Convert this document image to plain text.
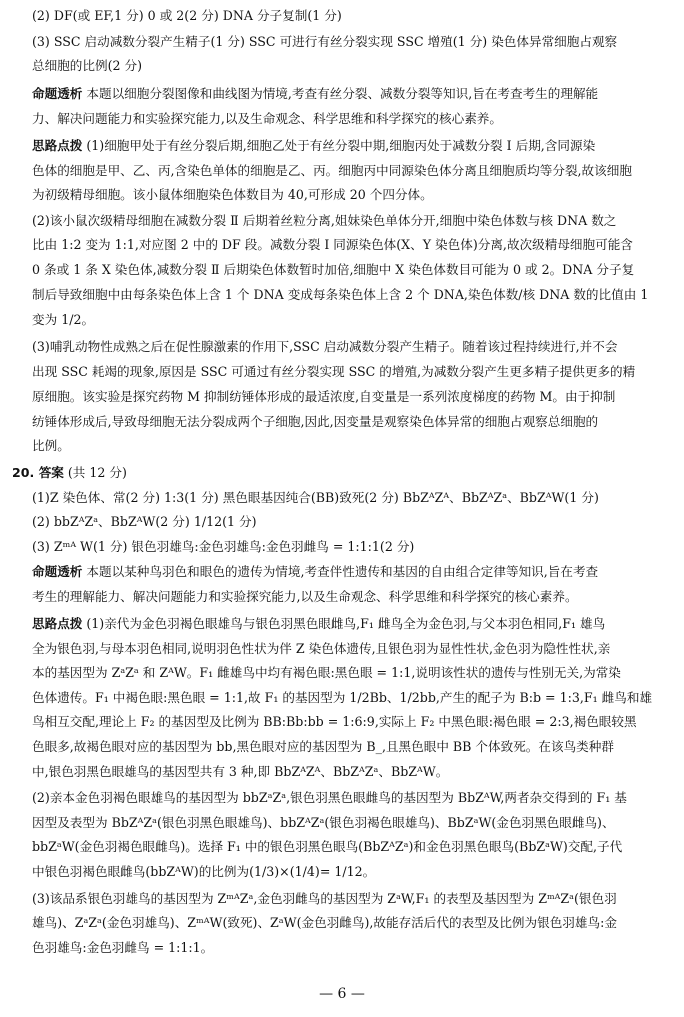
(2) DF(或 EF,1 分) 0 或 2(2 分) DNA 分子复制(1 分)
(3) SSC 启动减数分裂产生精子(1 分) SSC 可进行有丝分裂实现 SSC 增殖(1 分) 染色体异常细胞占观察
总细胞的比例(2 分)
命题透析 本题以细胞分裂图像和曲线图为情境,考查有丝分裂、减数分裂等知识,旨在考查考生的理解能
力、解决问题能力和实验探究能力,以及生命观念、科学思维和科学探究的核心素养。
思路点拨 (1)细胞甲处于有丝分裂后期,细胞乙处于有丝分裂中期,细胞丙处于减数分裂 Ⅰ 后期,含同源染
色体的细胞是甲、乙、丙,含染色单体的细胞是乙、丙。细胞丙中同源染色体分离且细胞质均等分裂,故该细胞
为初级精母细胞。该小鼠体细胞染色体数目为 40,可形成 20 个四分体。
(2)该小鼠次级精母细胞在减数分裂 Ⅱ 后期着丝粒分离,姐妹染色单体分开,细胞中染色体数与核 DNA 数之
比由 1:2 变为 1:1,对应图 2 中的 DF 段。减数分裂 Ⅰ 同源染色体(X、Y 染色体)分离,故次级精母细胞可能含
0 条或 1 条 X 染色体,减数分裂 Ⅱ 后期染色体数暂时加倍,细胞中 X 染色体数目可能为 0 或 2。DNA 分子复
制后导致细胞中由每条染色体上含 1 个 DNA 变成每条染色体上含 2 个 DNA,染色体数/核 DNA 数的比值由 1
变为 1/2。
(3)哺乳动物性成熟之后在促性腺激素的作用下,SSC 启动减数分裂产生精子。随着该过程持续进行,并不会
出现 SSC 耗竭的现象,原因是 SSC 可通过有丝分裂实现 SSC 的增殖,为减数分裂产生更多精子提供更多的精
原细胞。该实验是探究药物 M 抑制纺锤体形成的最适浓度,自变量是一系列浓度梯度的药物 M。由于抑制
纺锤体形成后,导致母细胞无法分裂成两个子细胞,因此,因变量是观察染色体异常的细胞占观察总细胞的
比例。
20. 答案 (共 12 分)
(1)Z 染色体、常(2 分) 1:3(1 分) 黑色眼基因纯合(BB)致死(2 分) BbZᴬZᴬ、BbZᴬZᵃ、BbZᴬW(1 分)
(2) bbZᴬZᵃ、BbZᴬW(2 分) 1/12(1 分)
(3) Zᵐᴬ W(1 分) 银色羽雄鸟:金色羽雄鸟:金色羽雌鸟 = 1:1:1(2 分)
命题透析 本题以某种鸟羽色和眼色的遗传为情境,考查伴性遗传和基因的自由组合定律等知识,旨在考查
考生的理解能力、解决问题能力和实验探究能力,以及生命观念、科学思维和科学探究的核心素养。
思路点拨 (1)亲代为金色羽褐色眼雄鸟与银色羽黑色眼雌鸟,F₁ 雌鸟全为金色羽,与父本羽色相同,F₁ 雄鸟
全为银色羽,与母本羽色相同,说明羽色性状为伴 Z 染色体遗传,且银色羽为显性性状,金色羽为隐性性状,亲
本的基因型为 ZᵃZᵃ 和 ZᴬW。F₁ 雌雄鸟中均有褐色眼:黑色眼 = 1:1,说明该性状的遗传与性别无关,为常染
色体遗传。F₁ 中褐色眼:黑色眼 = 1:1,故 F₁ 的基因型为 1/2Bb、1/2bb,产生的配子为 B:b = 1:3,F₁ 雌鸟和雄
鸟相互交配,理论上 F₂ 的基因型及比例为 BB:Bb:bb = 1:6:9,实际上 F₂ 中黑色眼:褐色眼 = 2:3,褐色眼较黑
色眼多,故褐色眼对应的基因型为 bb,黑色眼对应的基因型为 B_,且黑色眼中 BB 个体致死。在该鸟类种群
中,银色羽黑色眼雄鸟的基因型共有 3 种,即 BbZᴬZᴬ、BbZᴬZᵃ、BbZᴬW。
(2)亲本金色羽褐色眼雄鸟的基因型为 bbZᵃZᵃ,银色羽黑色眼雌鸟的基因型为 BbZᴬW,两者杂交得到的 F₁ 基
因型及表型为 BbZᴬZᵃ(银色羽黑色眼雄鸟)、bbZᴬZᵃ(银色羽褐色眼雄鸟)、BbZᵃW(金色羽黑色眼雌鸟)、
bbZᵃW(金色羽褐色眼雌鸟)。选择 F₁ 中的银色羽黑色眼鸟(BbZᴬZᵃ)和金色羽黑色眼鸟(BbZᵃW)交配,子代
中银色羽褐色眼雌鸟(bbZᴬW)的比例为(1/3)×(1/4)= 1/12。
(3)该品系银色羽雄鸟的基因型为 ZᵐᴬZᵃ,金色羽雌鸟的基因型为 ZᵃW,F₁ 的表型及基因型为 ZᵐᴬZᵃ(银色羽
雄鸟)、ZᵃZᵃ(金色羽雄鸟)、ZᵐᴬW(致死)、ZᵃW(金色羽雌鸟),故能存活后代的表型及比例为银色羽雄鸟:金
色羽雄鸟:金色羽雌鸟 = 1:1:1。
— 6 —
